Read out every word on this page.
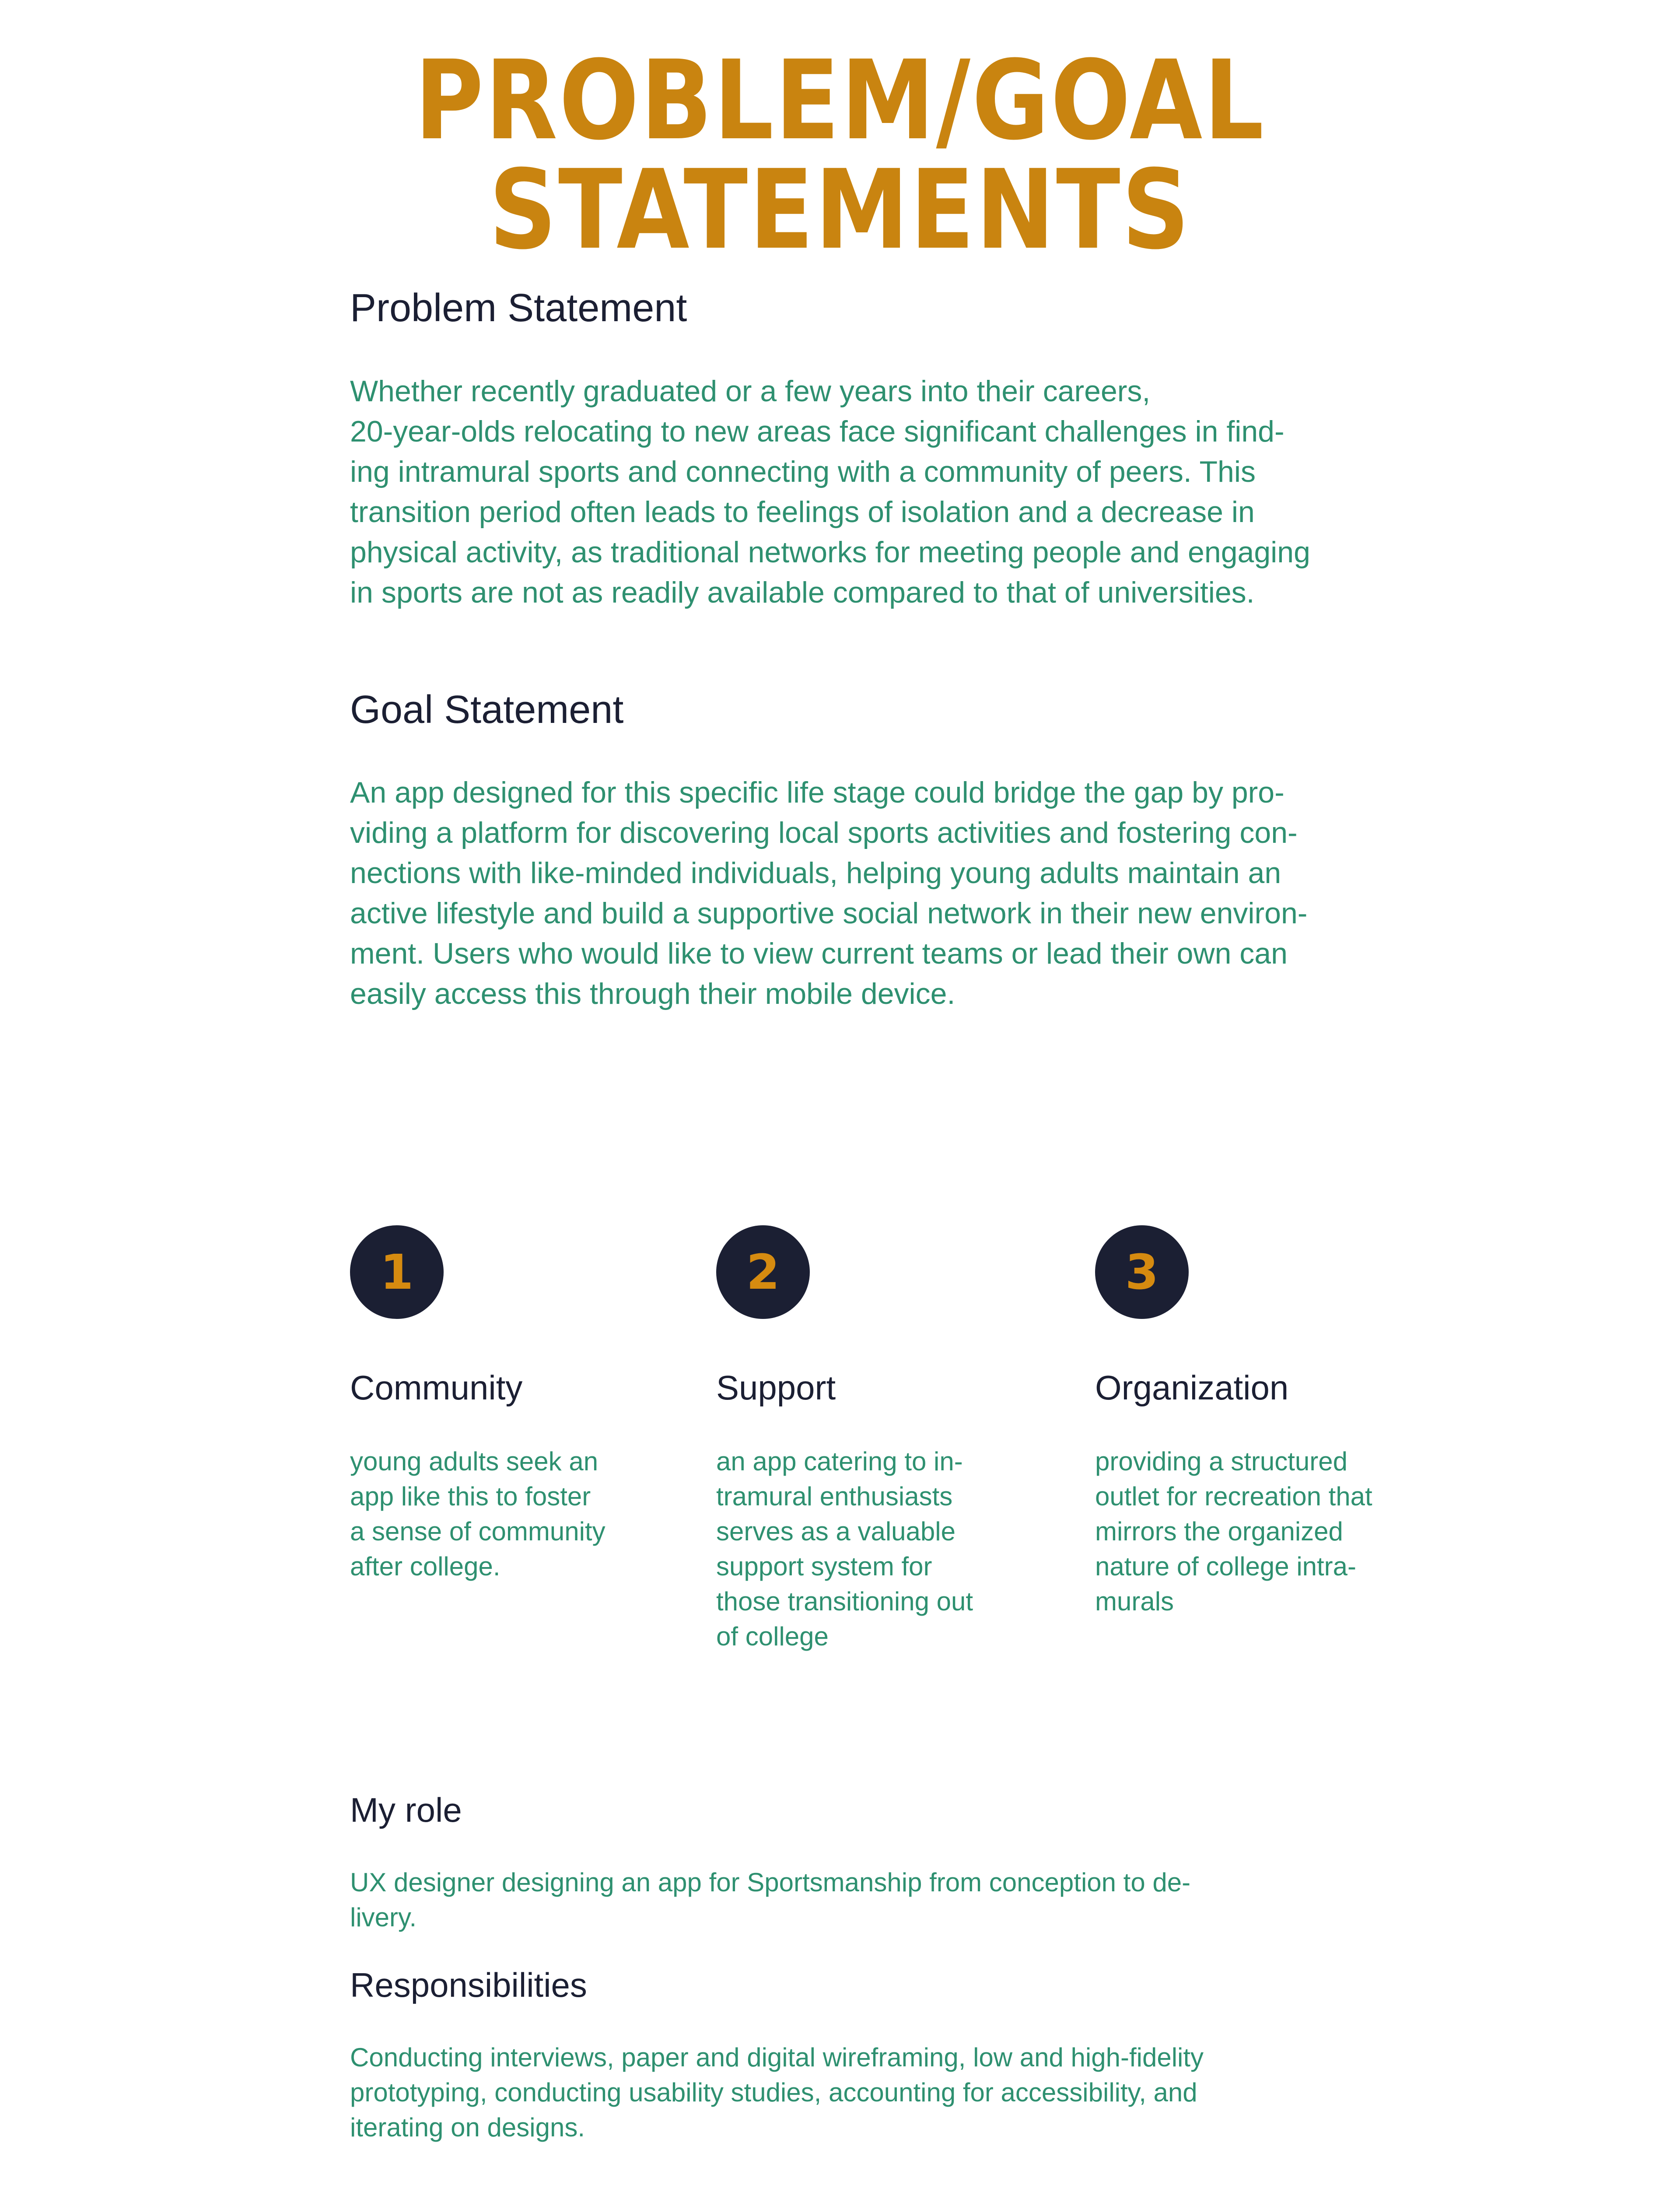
PROBLEM/GOAL STATEMENTS
Problem Statement
Whether recently graduated or a few years into their careers,
20-year-olds relocating to new areas face significant challenges in find-
ing intramural sports and connecting with a community of peers. This
transition period often leads to feelings of isolation and a decrease in
physical activity, as traditional networks for meeting people and engaging
in sports are not as readily available compared to that of universities.
Goal Statement
An app designed for this specific life stage could bridge the gap by pro-
viding a platform for discovering local sports activities and fostering con-
nections with like-minded individuals, helping young adults maintain an
active lifestyle and build a supportive social network in their new environ-
ment. Users who would like to view current teams or lead their own can
easily access this through their mobile device.
1
Community
young adults seek an
app like this to foster
a sense of community
after college.
2
Support
an app catering to in-
tramural enthusiasts
serves as a valuable
support system for
those transitioning out
of college
3
Organization
providing a structured
outlet for recreation that
mirrors the organized
nature of college intra-
murals
My role
UX designer designing an app for Sportsmanship from conception to de-
livery.
Responsibilities
Conducting interviews, paper and digital wireframing, low and high-fidelity
prototyping, conducting usability studies, accounting for accessibility, and
iterating on designs.
